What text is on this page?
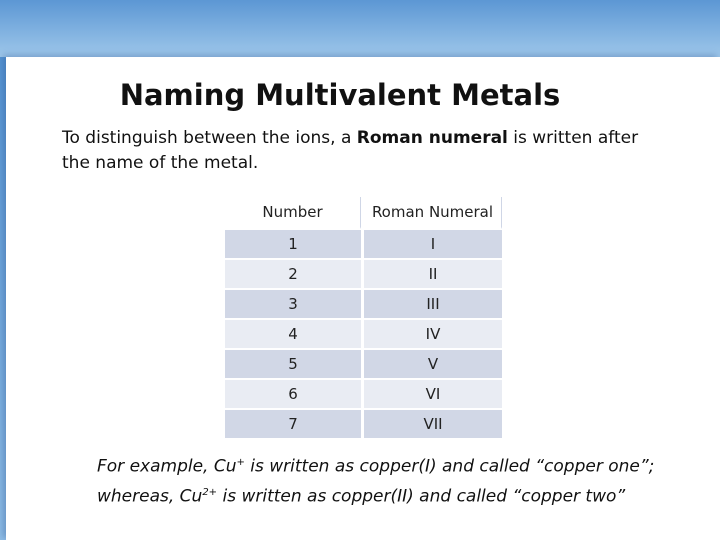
Naming Multivalent Metals
To distinguish between the ions, a Roman numeral is written after the name of the metal.
Number	Roman Numeral
1	I
2	II
3	III
4	IV
5	V
6	VI
7	VII
For example, Cu+ is written as copper(I) and called “copper one”;
whereas, $Cu^{2+}$ is written as copper(II) and called “copper two”
